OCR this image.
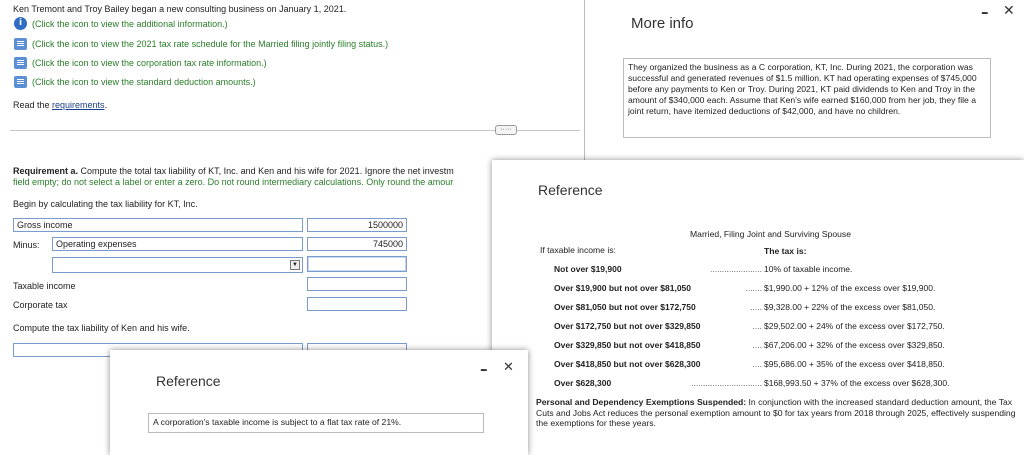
Ken Tremont and Troy Bailey began a new consulting business on January 1, 2021.
i	(Click the icon to view the additional information.)
(Click the icon to view the 2021 tax rate schedule for the Married filing jointly filing status.)
(Click the icon to view the corporation tax rate information.)
(Click the icon to view the standard deduction amounts.)
Read the requirements.
·····
Requirement a. Compute the total tax liability of KT, Inc. and Ken and his wife for 2021. Ignore the net investm
field empty; do not select a label or enter a zero. Do not round intermediary calculations. Only round the amour
Begin by calculating the tax liability for KT, Inc.
Gross income	1500000
Minus:	Operating expenses	745000
▼
Taxable income
Corporate tax
Compute the tax liability of Ken and his wife.
More info
– ✕
They organized the business as a C corporation, KT, Inc. During 2021, the corporation was successful and generated revenues of $1.5 million. KT had operating expenses of $745,000 before any payments to Ken or Troy. During 2021, KT paid dividends to Ken and Troy in the amount of $340,000 each. Assume that Ken's wife earned $160,000 from her job, they file a joint return, have itemized deductions of $42,000, and have no children.
Reference
Married, Filing Joint and Surviving Spouse
If taxable income is:	The tax is:
Not over $19,900	...................... 10% of taxable income.
Over $19,900 but not over $81,050	....... $1,990.00 + 12% of the excess over $19,900.
Over $81,050 but not over $172,750	..... $9,328.00 + 22% of the excess over $81,050.
Over $172,750 but not over $329,850	.... $29,502.00 + 24% of the excess over $172,750.
Over $329,850 but not over $418,850	.... $67,206.00 + 32% of the excess over $329,850.
Over $418,850 but not over $628,300	.... $95,686.00 + 35% of the excess over $418,850.
Over $628,300	.............................. $168,993.50 + 37% of the excess over $628,300.
Personal and Dependency Exemptions Suspended: In conjunction with the increased standard deduction amount, the Tax Cuts and Jobs Act reduces the personal exemption amount to $0 for tax years from 2018 through 2025, effectively suspending the exemptions for these years.
Reference
– ✕
A corporation's taxable income is subject to a flat tax rate of 21%.
